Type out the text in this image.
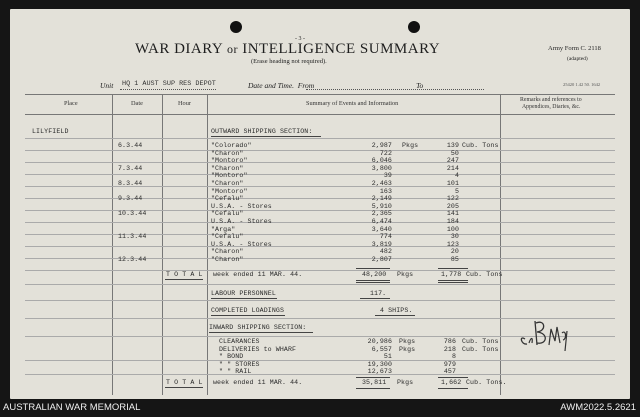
- 3 -
WAR DIARY or INTELLIGENCE SUMMARY
(Erase heading not required).
Army Form C. 2118
(adapted)
Unit HQ 1 AUST SUP RES DEPOT	Date and Time. From	To	25420 1.42 50. 1642
Place	Date	Hour	Summary of Events and Information	Remarks and references to
Appendices, Diaries, &c.
LILYFIELD	OUTWARD SHIPPING SECTION:
6.3.44	"Colorado"	2,987 Pkgs	139 Cub. Tons
"Charon"	722	50
"Montoro"	6,046	247
7.3.44	"Charon"	3,800	214
"Montoro"	39	4
8.3.44	"Charon"	2,463	101
"Montoro"	163	5
9.3.44	"Cefalu"	2,149	122
U.S.A. - Stores	5,910	205
10.3.44	"Cefalu"	2,365	141
U.S.A. - Stores	6,474	184
"Arga"	3,640	100
11.3.44	"Cefalu"	774	30
U.S.A. - Stores	3,819	123
"Charon"	482	20
12.3.44	"Charon"	2,807	85
T O T A L week ended 11 MAR. 44.	48,200 Pkgs	1,778 Cub. Tons
LABOUR PERSONNEL	117.
COMPLETED LOADINGS	4 SHIPS.
INWARD SHIPPING SECTION:
CLEARANCES	20,986 Pkgs	786 Cub. Tons
DELIVERIES to WHARF	6,557 Pkgs	218 Cub. Tons
" BOND	51	8
" " STORES	19,300	979
" " RAIL	12,673	457
T O T A L week ended 11 MAR. 44.	35,811 Pkgs	1,662 Cub. Tons.
AUSTRALIAN WAR MEMORIAL	AWM2022.5.2621
